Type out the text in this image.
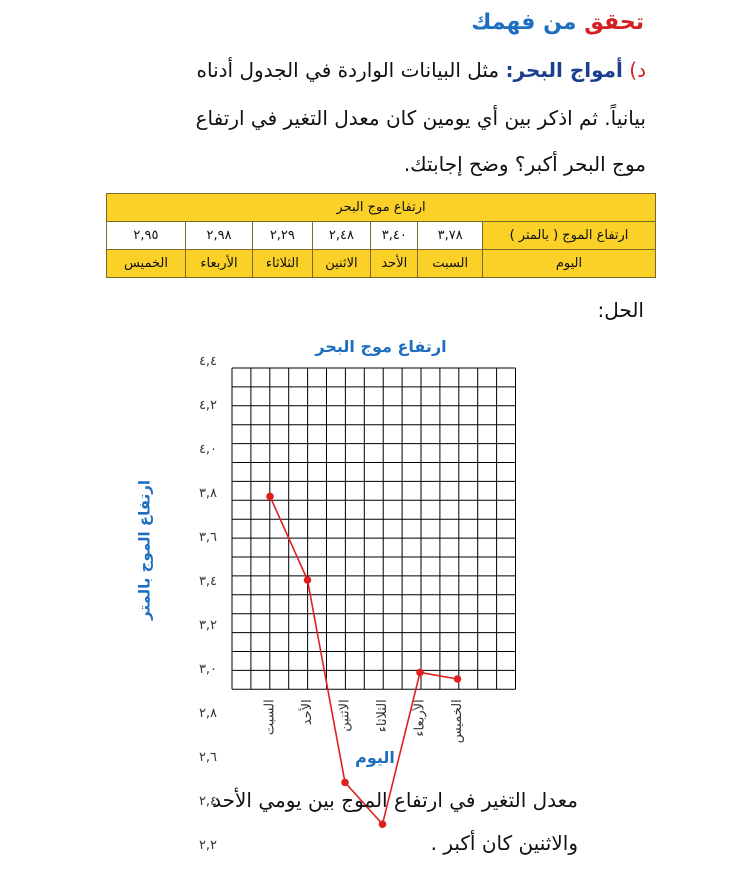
تحقق من فهمك
د) أمواج البحر: مثل البيانات الواردة في الجدول أدناه
بيانياً. ثم اذكر بين أي يومين كان معدل التغير في ارتفاع
موج البحر أكبر؟ وضح إجابتك.
ارتفاع موج البحر						
ارتفاع الموج ( بالمتر )	٣,٧٨	٣,٤٠	٢,٤٨	٢,٢٩	٢,٩٨	٢,٩٥
اليوم	السبت	الأحد	الاثنين	الثلاثاء	الأربعاء	الخميس
الحل:
ارتفاع موج البحر
ارتفاع الموج بالمتر
اليوم
٢,٢
٢,٤
٢,٦
٢,٨
٣,٠
٣,٢
٣,٤
٣,٦
٣,٨
٤,٠
٤,٢
٤,٤
السبت الأحد الاثنين الثلاثاء الأربعاء الخميس
معدل التغير في ارتفاع الموج بين يومي الأحد
والاثنين كان أكبر .
